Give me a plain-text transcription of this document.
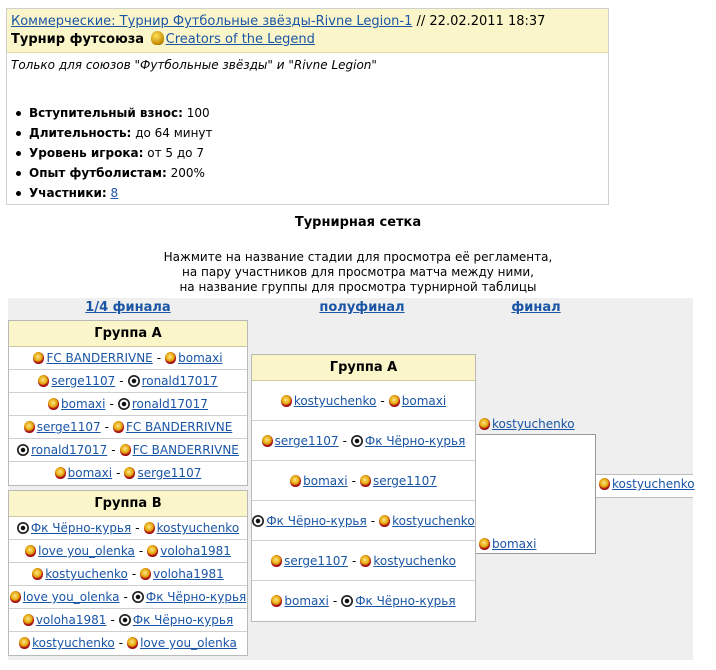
Коммерческие: Турнир Футбольные звёзды-Rivne Legion-1 // 22.02.2011 18:37
Турнир футсоюза Creators of the Legend
Только для союзов "Футбольные звёзды" и "Rivne Legion"
Вступительный взнос: 100
Длительность: до 64 минут
Уровень игрока: от 5 до 7
Опыт футболистам: 200%
Участники: 8
Турнирная сетка
Нажмите на название стадии для просмотра её регламента,
на пару участников для просмотра матча между ними,
на название группы для просмотра турнирной таблицы
1/4 финала
Группа A
FC BANDERRIVNE - bomaxi
serge1107 - ronald17017
bomaxi - ronald17017
serge1107 - FC BANDERRIVNE
ronald17017 - FC BANDERRIVNE
bomaxi - serge1107
Группа B
Фк Чёрно-курья - kostyuchenko
love you_olenka - voloha1981
kostyuchenko - voloha1981
love you_olenka - Фк Чёрно-курья
voloha1981 - Фк Чёрно-курья
kostyuchenko - love you_olenka
полуфинал
Группа A
kostyuchenko - bomaxi
serge1107 - Фк Чёрно-курья
bomaxi - serge1107
Фк Чёрно-курья - kostyuchenko
serge1107 - kostyuchenko
bomaxi - Фк Чёрно-курья
финал
kostyuchenko
bomaxi
kostyuchenko
